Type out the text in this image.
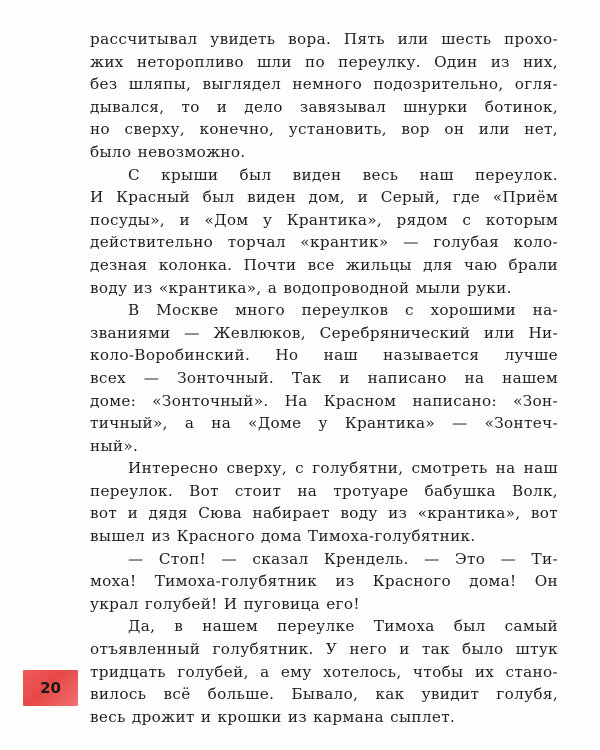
рассчитывал увидеть вора. Пять или шесть прохо-
жих неторопливо шли по переулку. Один из них,
без шляпы, выглядел немного подозрительно, огля-
дывался, то и дело завязывал шнурки ботинок,
но сверху, конечно, установить, вор он или нет,
было невозможно.
С крыши был виден весь наш переулок.
И Красный был виден дом, и Серый, где «Приём
посуды», и «Дом у Крантика», рядом с которым
действительно торчал «крантик» — голубая коло-
дезная колонка. Почти все жильцы для чаю брали
воду из «крантика», а водопроводной мыли руки.
В Москве много переулков с хорошими на-
званиями — Жевлюков, Серебрянический или Ни-
коло-Воробинский. Но наш называется лучше
всех — Зонточный. Так и написано на нашем
доме: «Зонточный». На Красном написано: «Зон-
тичный», а на «Доме у Крантика» — «Зонтеч-
ный».
Интересно сверху, с голубятни, смотреть на наш
переулок. Вот стоит на тротуаре бабушка Волк,
вот и дядя Сюва набирает воду из «крантика», вот
вышел из Красного дома Тимоха-голубятник.
— Стоп! — сказал Крендель. — Это — Ти-
моха! Тимоха-голубятник из Красного дома! Он
украл голубей! И пуговица его!
Да, в нашем переулке Тимоха был самый
отъявленный голубятник. У него и так было штук
тридцать голубей, а ему хотелось, чтобы их стано-
вилось всё больше. Бывало, как увидит голубя,
весь дрожит и крошки из кармана сыплет.
20
